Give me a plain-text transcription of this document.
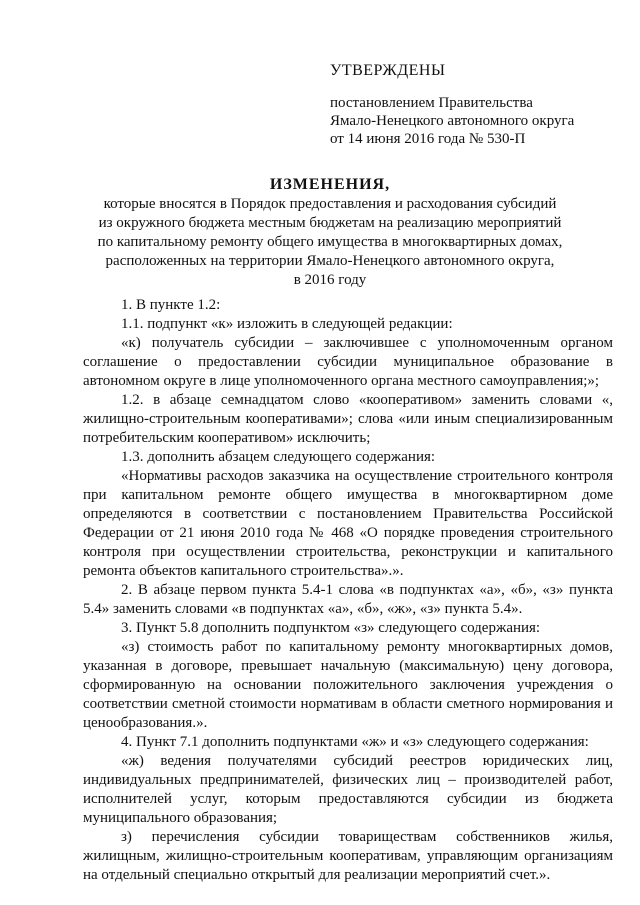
УТВЕРЖДЕНЫ
постановлением Правительства
Ямало-Ненецкого автономного округа
от 14 июня 2016 года № 530-П
ИЗМЕНЕНИЯ,
которые вносятся в Порядок предоставления и расходования субсидий
из окружного бюджета местным бюджетам на реализацию мероприятий
по капитальному ремонту общего имущества в многоквартирных домах,
расположенных на территории Ямало-Ненецкого автономного округа,
в 2016 году

1. В пункте 1.2:

1.1. подпункт «к» изложить в следующей редакции:

«к) получатель субсидии – заключившее с уполномоченным органом соглашение о предоставлении субсидии муниципальное образование в автономном округе в лице уполномоченного органа местного самоуправления;»;

1.2. в абзаце семнадцатом слово «кооперативом» заменить словами «, жилищно-строительным кооперативами»; слова «или иным специализированным потребительским кооперативом» исключить;

1.3. дополнить абзацем следующего содержания:

«Нормативы расходов заказчика на осуществление строительного контроля при капитальном ремонте общего имущества в многоквартирном доме определяются в соответствии с постановлением Правительства Российской Федерации от 21 июня 2010 года № 468 «О порядке проведения строительного контроля при осуществлении строительства, реконструкции и капитального ремонта объектов капитального строительства».».

2. В абзаце первом пункта 5.4-1 слова «в подпунктах «а», «б», «з» пункта 5.4» заменить словами «в подпунктах «а», «б», «ж», «з» пункта 5.4».

3. Пункт 5.8 дополнить подпунктом «з» следующего содержания:

«з) стоимость работ по капитальному ремонту многоквартирных домов, указанная в договоре, превышает начальную (максимальную) цену договора, сформированную на основании положительного заключения учреждения о соответствии сметной стоимости нормативам в области сметного нормирования и ценообразования.».

4. Пункт 7.1 дополнить подпунктами «ж» и «з» следующего содержания:

«ж) ведения получателями субсидий реестров юридических лиц, индивидуальных предпринимателей, физических лиц – производителей работ, исполнителей услуг, которым предоставляются субсидии из бюджета муниципального образования;

з) перечисления субсидии товариществам собственников жилья, жилищным, жилищно-строительным кооперативам, управляющим организациям на отдельный специально открытый для реализации мероприятий счет.».
